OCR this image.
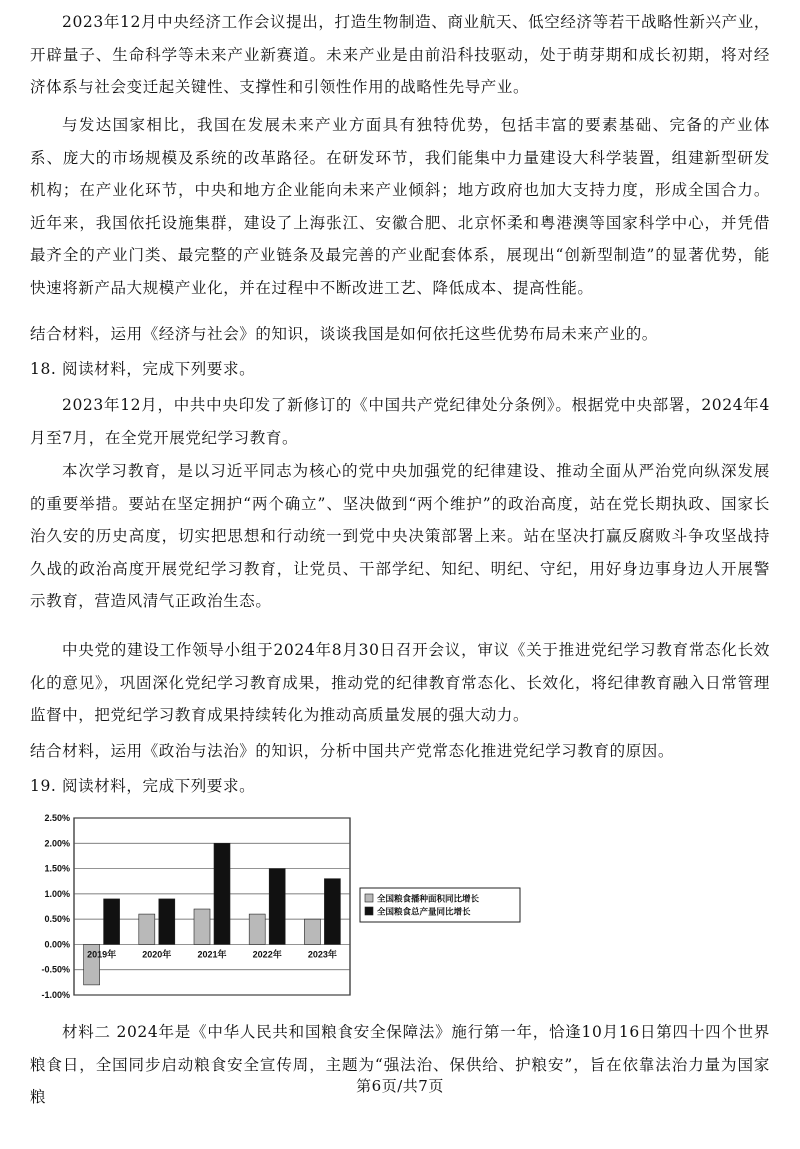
2023年12月中央经济工作会议提出，打造生物制造、商业航天、低空经济等若干战略性新兴产业，开辟量子、生命科学等未来产业新赛道。未来产业是由前沿科技驱动，处于萌芽期和成长初期，将对经济体系与社会变迁起关键性、支撑性和引领性作用的战略性先导产业。

与发达国家相比，我国在发展未来产业方面具有独特优势，包括丰富的要素基础、完备的产业体系、庞大的市场规模及系统的改革路径。在研发环节，我们能集中力量建设大科学装置，组建新型研发机构；在产业化环节，中央和地方企业能向未来产业倾斜；地方政府也加大支持力度，形成全国合力。近年来，我国依托设施集群，建设了上海张江、安徽合肥、北京怀柔和粤港澳等国家科学中心，并凭借最齐全的产业门类、最完整的产业链条及最完善的产业配套体系，展现出“创新型制造”的显著优势，能快速将新产品大规模产业化，并在过程中不断改进工艺、降低成本、提高性能。

结合材料，运用《经济与社会》的知识，谈谈我国是如何依托这些优势布局未来产业的。

18. 阅读材料，完成下列要求。

2023年12月，中共中央印发了新修订的《中国共产党纪律处分条例》。根据党中央部署，2024年4月至7月，在全党开展党纪学习教育。

本次学习教育，是以习近平同志为核心的党中央加强党的纪律建设、推动全面从严治党向纵深发展的重要举措。要站在坚定拥护“两个确立”、坚决做到“两个维护”的政治高度，站在党长期执政、国家长治久安的历史高度，切实把思想和行动统一到党中央决策部署上来。站在坚决打赢反腐败斗争攻坚战持久战的政治高度开展党纪学习教育，让党员、干部学纪、知纪、明纪、守纪，用好身边事身边人开展警示教育，营造风清气正政治生态。

中央党的建设工作领导小组于2024年8月30日召开会议，审议《关于推进党纪学习教育常态化长效化的意见》，巩固深化党纪学习教育成果，推动党的纪律教育常态化、长效化，将纪律教育融入日常管理监督中，把党纪学习教育成果持续转化为推动高质量发展的强大动力。

结合材料，运用《政治与法治》的知识，分析中国共产党常态化推进党纪学习教育的原因。

19. 阅读材料，完成下列要求。

2.50%
2.00%
1.50%
1.00%
0.50%
0.00%
-0.50%
-1.00%
2019年	2020年	2021年	2022年	2023年
全国粮食播种面积同比增长
全国粮食总产量同比增长

材料二 2024年是《中华人民共和国粮食安全保障法》施行第一年，恰逢10月16日第四十四个世界粮食日，全国同步启动粮食安全宣传周，主题为“强法治、保供给、护粮安”，旨在依靠法治力量为国家粮

第6页/共7页
